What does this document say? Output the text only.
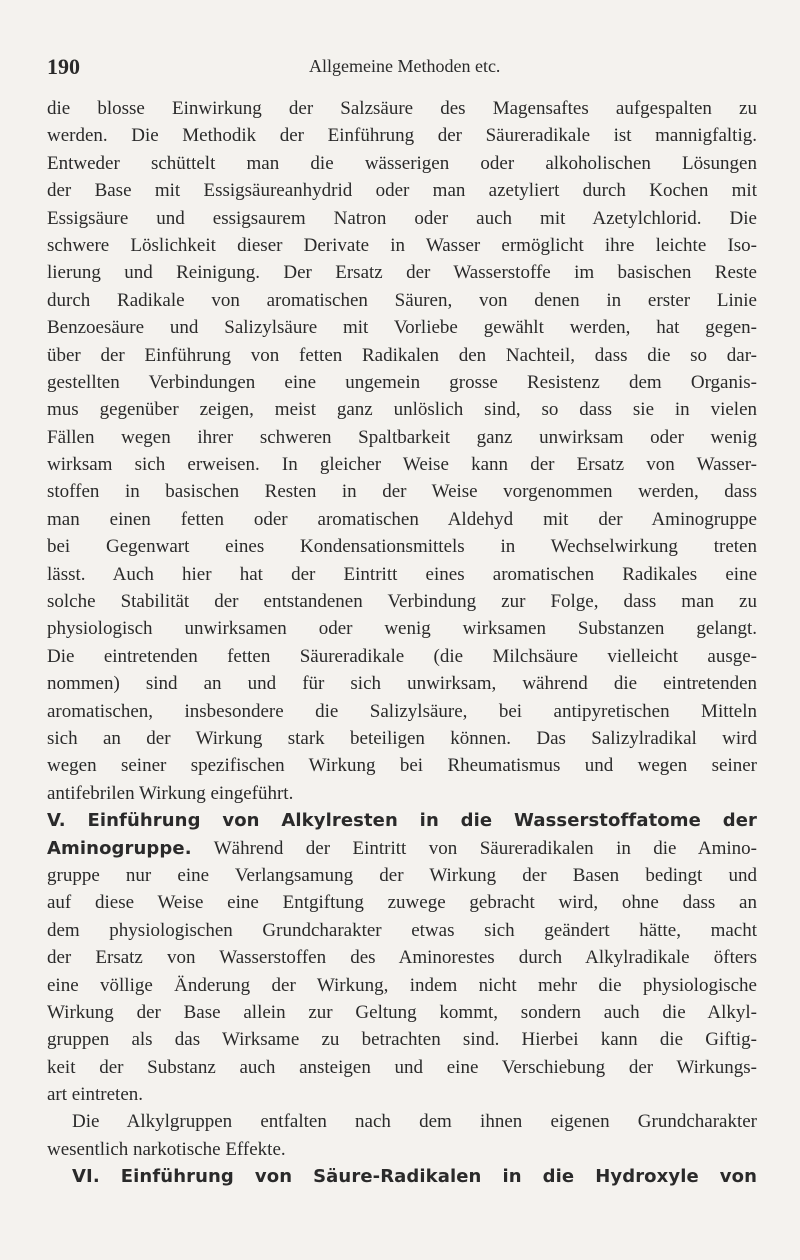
190	Allgemeine Methoden etc.
die blosse Einwirkung der Salzsäure des Magensaftes aufgespalten zu
werden. Die Methodik der Einführung der Säureradikale ist mannigfaltig.
Entweder schüttelt man die wässerigen oder alkoholischen Lösungen
der Base mit Essigsäureanhydrid oder man azetyliert durch Kochen mit
Essigsäure und essigsaurem Natron oder auch mit Azetylchlorid. Die
schwere Löslichkeit dieser Derivate in Wasser ermöglicht ihre leichte Iso-
lierung und Reinigung. Der Ersatz der Wasserstoffe im basischen Reste
durch Radikale von aromatischen Säuren, von denen in erster Linie
Benzoesäure und Salizylsäure mit Vorliebe gewählt werden, hat gegen-
über der Einführung von fetten Radikalen den Nachteil, dass die so dar-
gestellten Verbindungen eine ungemein grosse Resistenz dem Organis-
mus gegenüber zeigen, meist ganz unlöslich sind, so dass sie in vielen
Fällen wegen ihrer schweren Spaltbarkeit ganz unwirksam oder wenig
wirksam sich erweisen. In gleicher Weise kann der Ersatz von Wasser-
stoffen in basischen Resten in der Weise vorgenommen werden, dass
man einen fetten oder aromatischen Aldehyd mit der Aminogruppe
bei Gegenwart eines Kondensationsmittels in Wechselwirkung treten
lässt. Auch hier hat der Eintritt eines aromatischen Radikales eine
solche Stabilität der entstandenen Verbindung zur Folge, dass man zu
physiologisch unwirksamen oder wenig wirksamen Substanzen gelangt.
Die eintretenden fetten Säureradikale (die Milchsäure vielleicht ausge-
nommen) sind an und für sich unwirksam, während die eintretenden
aromatischen, insbesondere die Salizylsäure, bei antipyretischen Mitteln
sich an der Wirkung stark beteiligen können. Das Salizylradikal wird
wegen seiner spezifischen Wirkung bei Rheumatismus und wegen seiner
antifebrilen Wirkung eingeführt.
V. Einführung von Alkylresten in die Wasserstoffatome der
Aminogruppe. Während der Eintritt von Säureradikalen in die Amino-
gruppe nur eine Verlangsamung der Wirkung der Basen bedingt und
auf diese Weise eine Entgiftung zuwege gebracht wird, ohne dass an
dem physiologischen Grundcharakter etwas sich geändert hätte, macht
der Ersatz von Wasserstoffen des Aminorestes durch Alkylradikale öfters
eine völlige Änderung der Wirkung, indem nicht mehr die physiologische
Wirkung der Base allein zur Geltung kommt, sondern auch die Alkyl-
gruppen als das Wirksame zu betrachten sind. Hierbei kann die Giftig-
keit der Substanz auch ansteigen und eine Verschiebung der Wirkungs-
art eintreten.
Die Alkylgruppen entfalten nach dem ihnen eigenen Grundcharakter
wesentlich narkotische Effekte.
VI. Einführung von Säure-Radikalen in die Hydroxyle von
